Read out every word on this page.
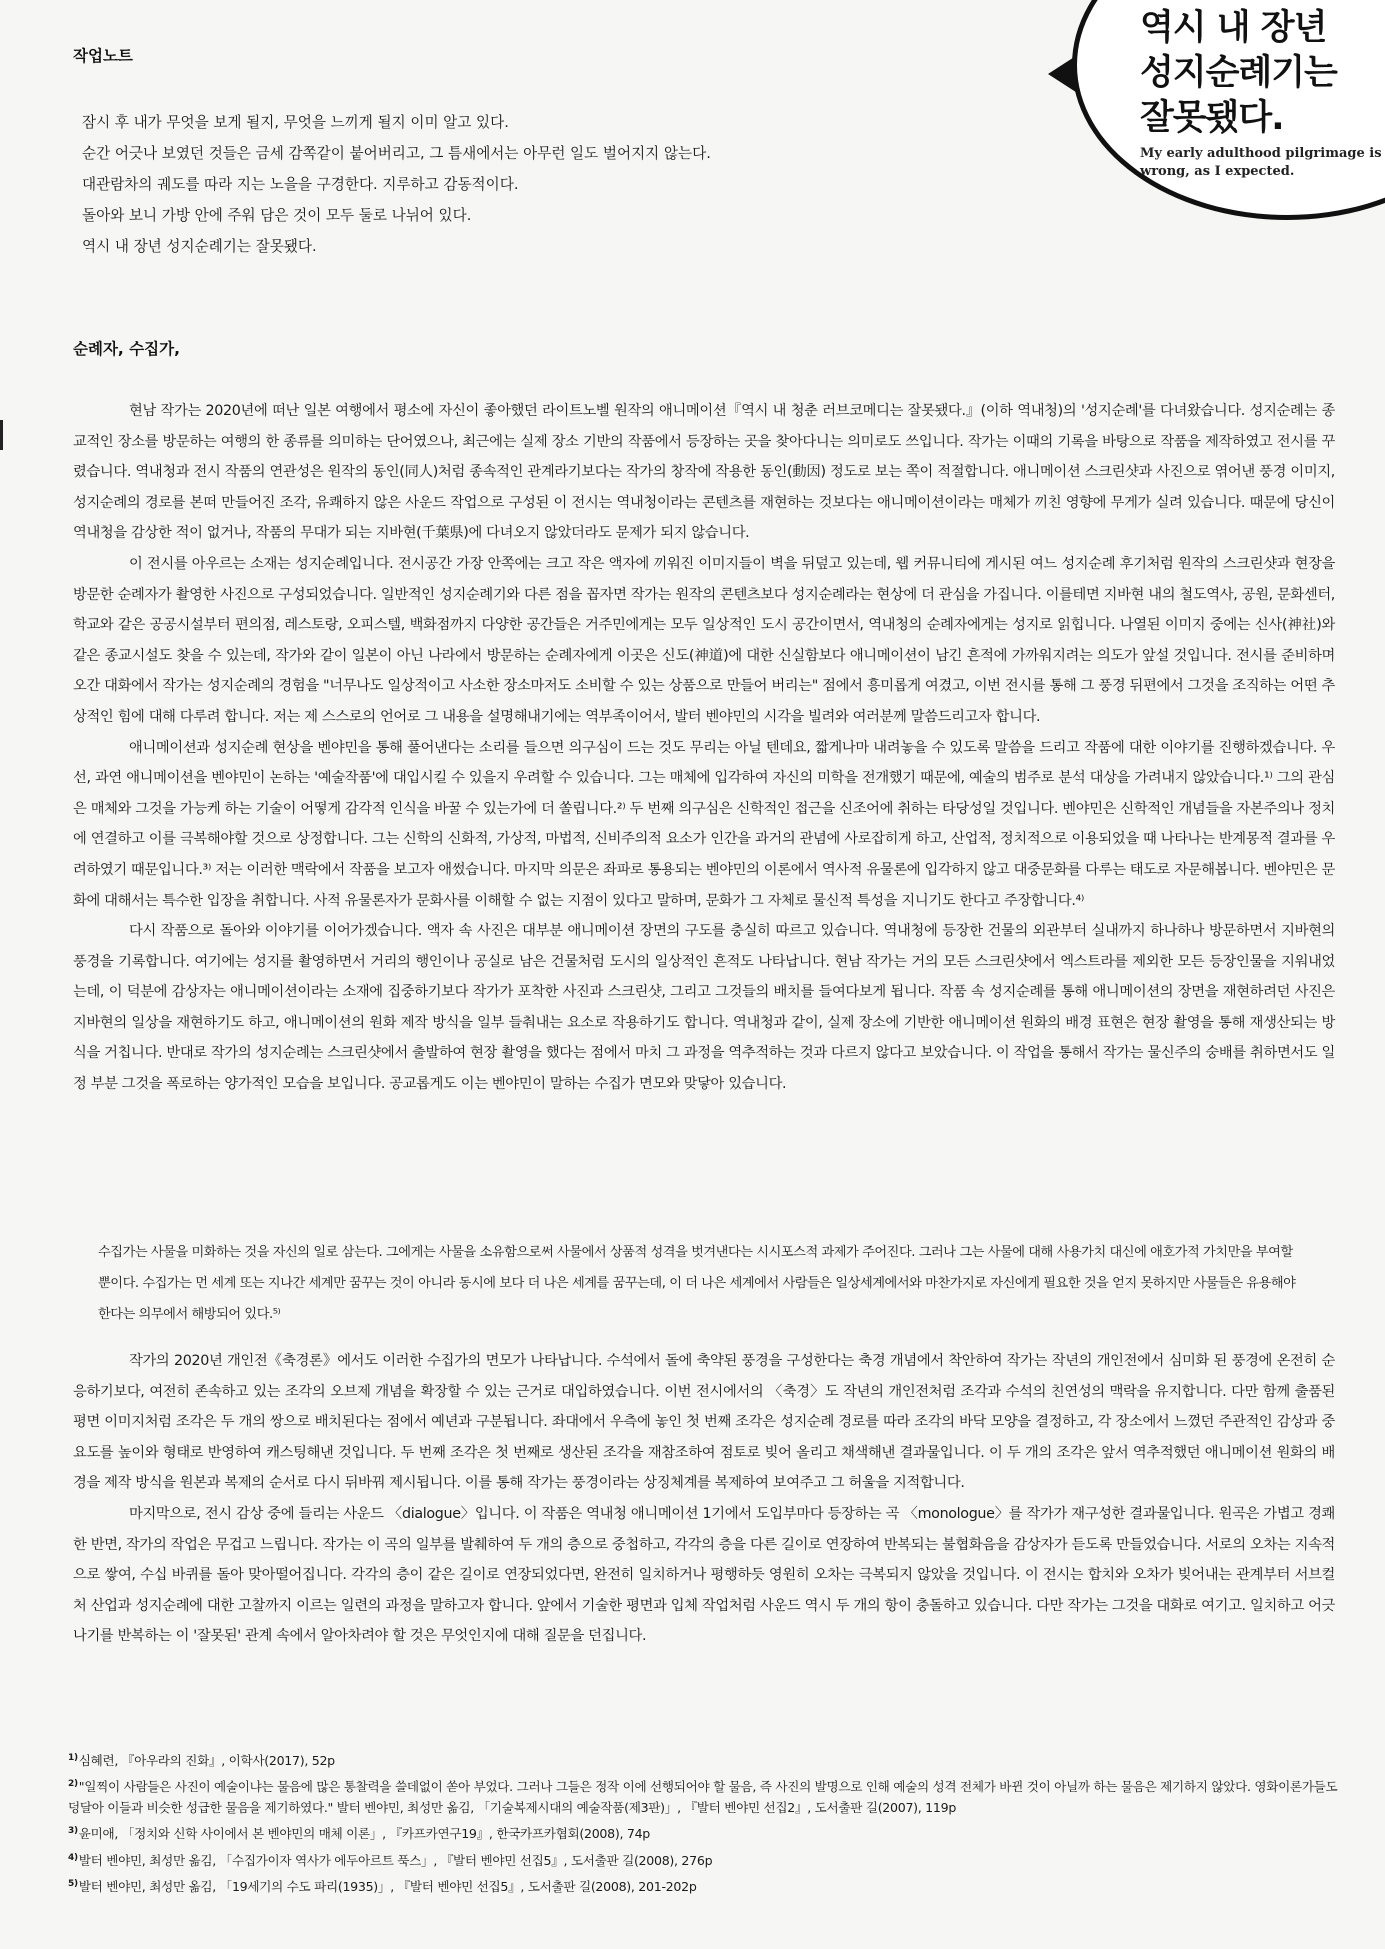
역시 내 장년
성지순례기는
잘못됐다.
My early adulthood pilgrimage is wrong, as I expected.
작업노트
잠시 후 내가 무엇을 보게 될지, 무엇을 느끼게 될지 이미 알고 있다.
순간 어긋나 보였던 것들은 금세 감쪽같이 붙어버리고, 그 틈새에서는 아무런 일도 벌어지지 않는다.
대관람차의 궤도를 따라 지는 노을을 구경한다. 지루하고 감동적이다.
돌아와 보니 가방 안에 주워 담은 것이 모두 둘로 나뉘어 있다.
역시 내 장년 성지순례기는 잘못됐다.
순례자, 수집가,

현남 작가는 2020년에 떠난 일본 여행에서 평소에 자신이 좋아했던 라이트노벨 원작의 애니메이션『역시 내 청춘 러브코메디는 잘못됐다.』(이하 역내청)의 '성지순례'를 다녀왔습니다. 성지순례는 종교적인 장소를 방문하는 여행의 한 종류를 의미하는 단어였으나, 최근에는 실제 장소 기반의 작품에서 등장하는 곳을 찾아다니는 의미로도 쓰입니다. 작가는 이때의 기록을 바탕으로 작품을 제작하였고 전시를 꾸렸습니다. 역내청과 전시 작품의 연관성은 원작의 동인(同人)처럼 종속적인 관계라기보다는 작가의 창작에 작용한 동인(動因) 정도로 보는 쪽이 적절합니다. 애니메이션 스크린샷과 사진으로 엮어낸 풍경 이미지, 성지순례의 경로를 본떠 만들어진 조각, 유쾌하지 않은 사운드 작업으로 구성된 이 전시는 역내청이라는 콘텐츠를 재현하는 것보다는 애니메이션이라는 매체가 끼친 영향에 무게가 실려 있습니다. 때문에 당신이 역내청을 감상한 적이 없거나, 작품의 무대가 되는 지바현(千葉県)에 다녀오지 않았더라도 문제가 되지 않습니다.

이 전시를 아우르는 소재는 성지순례입니다. 전시공간 가장 안쪽에는 크고 작은 액자에 끼워진 이미지들이 벽을 뒤덮고 있는데, 웹 커뮤니티에 게시된 여느 성지순례 후기처럼 원작의 스크린샷과 현장을 방문한 순례자가 촬영한 사진으로 구성되었습니다. 일반적인 성지순례기와 다른 점을 꼽자면 작가는 원작의 콘텐츠보다 성지순례라는 현상에 더 관심을 가집니다. 이를테면 지바현 내의 철도역사, 공원, 문화센터, 학교와 같은 공공시설부터 편의점, 레스토랑, 오피스텔, 백화점까지 다양한 공간들은 거주민에게는 모두 일상적인 도시 공간이면서, 역내청의 순례자에게는 성지로 읽힙니다. 나열된 이미지 중에는 신사(神社)와 같은 종교시설도 찾을 수 있는데, 작가와 같이 일본이 아닌 나라에서 방문하는 순례자에게 이곳은 신도(神道)에 대한 신실함보다 애니메이션이 남긴 흔적에 가까워지려는 의도가 앞설 것입니다. 전시를 준비하며 오간 대화에서 작가는 성지순례의 경험을 "너무나도 일상적이고 사소한 장소마저도 소비할 수 있는 상품으로 만들어 버리는" 점에서 흥미롭게 여겼고, 이번 전시를 통해 그 풍경 뒤편에서 그것을 조직하는 어떤 추상적인 힘에 대해 다루려 합니다. 저는 제 스스로의 언어로 그 내용을 설명해내기에는 역부족이어서, 발터 벤야민의 시각을 빌려와 여러분께 말씀드리고자 합니다.

애니메이션과 성지순례 현상을 벤야민을 통해 풀어낸다는 소리를 들으면 의구심이 드는 것도 무리는 아닐 텐데요, 짧게나마 내려놓을 수 있도록 말씀을 드리고 작품에 대한 이야기를 진행하겠습니다. 우선, 과연 애니메이션을 벤야민이 논하는 '예술작품'에 대입시킬 수 있을지 우려할 수 있습니다. 그는 매체에 입각하여 자신의 미학을 전개했기 때문에, 예술의 범주로 분석 대상을 가려내지 않았습니다.¹⁾ 그의 관심은 매체와 그것을 가능케 하는 기술이 어떻게 감각적 인식을 바꿀 수 있는가에 더 쏠립니다.²⁾ 두 번째 의구심은 신학적인 접근을 신조어에 취하는 타당성일 것입니다. 벤야민은 신학적인 개념들을 자본주의나 정치에 연결하고 이를 극복해야할 것으로 상정합니다. 그는 신학의 신화적, 가상적, 마법적, 신비주의적 요소가 인간을 과거의 관념에 사로잡히게 하고, 산업적, 정치적으로 이용되었을 때 나타나는 반계몽적 결과를 우려하였기 때문입니다.³⁾ 저는 이러한 맥락에서 작품을 보고자 애썼습니다. 마지막 의문은 좌파로 통용되는 벤야민의 이론에서 역사적 유물론에 입각하지 않고 대중문화를 다루는 태도로 자문해봅니다. 벤야민은 문화에 대해서는 특수한 입장을 취합니다. 사적 유물론자가 문화사를 이해할 수 없는 지점이 있다고 말하며, 문화가 그 자체로 물신적 특성을 지니기도 한다고 주장합니다.⁴⁾

다시 작품으로 돌아와 이야기를 이어가겠습니다. 액자 속 사진은 대부분 애니메이션 장면의 구도를 충실히 따르고 있습니다. 역내청에 등장한 건물의 외관부터 실내까지 하나하나 방문하면서 지바현의 풍경을 기록합니다. 여기에는 성지를 촬영하면서 거리의 행인이나 공실로 남은 건물처럼 도시의 일상적인 흔적도 나타납니다. 현남 작가는 거의 모든 스크린샷에서 엑스트라를 제외한 모든 등장인물을 지워내었는데, 이 덕분에 감상자는 애니메이션이라는 소재에 집중하기보다 작가가 포착한 사진과 스크린샷, 그리고 그것들의 배치를 들여다보게 됩니다. 작품 속 성지순례를 통해 애니메이션의 장면을 재현하려던 사진은 지바현의 일상을 재현하기도 하고, 애니메이션의 원화 제작 방식을 일부 들춰내는 요소로 작용하기도 합니다. 역내청과 같이, 실제 장소에 기반한 애니메이션 원화의 배경 표현은 현장 촬영을 통해 재생산되는 방식을 거칩니다. 반대로 작가의 성지순례는 스크린샷에서 출발하여 현장 촬영을 했다는 점에서 마치 그 과정을 역추적하는 것과 다르지 않다고 보았습니다. 이 작업을 통해서 작가는 물신주의 숭배를 취하면서도 일정 부분 그것을 폭로하는 양가적인 모습을 보입니다. 공교롭게도 이는 벤야민이 말하는 수집가 면모와 맞닿아 있습니다.

수집가는 사물을 미화하는 것을 자신의 일로 삼는다. 그에게는 사물을 소유함으로써 사물에서 상품적 성격을 벗겨낸다는 시시포스적 과제가 주어진다. 그러나 그는 사물에 대해 사용가치 대신에 애호가적 가치만을 부여할 뿐이다. 수집가는 먼 세계 또는 지나간 세계만 꿈꾸는 것이 아니라 동시에 보다 더 나은 세계를 꿈꾸는데, 이 더 나은 세계에서 사람들은 일상세계에서와 마찬가지로 자신에게 필요한 것을 얻지 못하지만 사물들은 유용해야 한다는 의무에서 해방되어 있다.⁵⁾

작가의 2020년 개인전《축경론》에서도 이러한 수집가의 면모가 나타납니다. 수석에서 돌에 축약된 풍경을 구성한다는 축경 개념에서 착안하여 작가는 작년의 개인전에서 심미화 된 풍경에 온전히 순응하기보다, 여전히 존속하고 있는 조각의 오브제 개념을 확장할 수 있는 근거로 대입하였습니다. 이번 전시에서의 〈축경〉도 작년의 개인전처럼 조각과 수석의 친연성의 맥락을 유지합니다. 다만 함께 출품된 평면 이미지처럼 조각은 두 개의 쌍으로 배치된다는 점에서 예년과 구분됩니다. 좌대에서 우측에 놓인 첫 번째 조각은 성지순례 경로를 따라 조각의 바닥 모양을 결정하고, 각 장소에서 느꼈던 주관적인 감상과 중요도를 높이와 형태로 반영하여 캐스팅해낸 것입니다. 두 번째 조각은 첫 번째로 생산된 조각을 재참조하여 점토로 빚어 올리고 채색해낸 결과물입니다. 이 두 개의 조각은 앞서 역추적했던 애니메이션 원화의 배경을 제작 방식을 원본과 복제의 순서로 다시 뒤바꿔 제시됩니다. 이를 통해 작가는 풍경이라는 상징체계를 복제하여 보여주고 그 허울을 지적합니다.

마지막으로, 전시 감상 중에 들리는 사운드 〈dialogue〉입니다. 이 작품은 역내청 애니메이션 1기에서 도입부마다 등장하는 곡 〈monologue〉를 작가가 재구성한 결과물입니다. 원곡은 가볍고 경쾌한 반면, 작가의 작업은 무겁고 느립니다. 작가는 이 곡의 일부를 발췌하여 두 개의 층으로 중첩하고, 각각의 층을 다른 길이로 연장하여 반복되는 불협화음을 감상자가 듣도록 만들었습니다. 서로의 오차는 지속적으로 쌓여, 수십 바퀴를 돌아 맞아떨어집니다. 각각의 층이 같은 길이로 연장되었다면, 완전히 일치하거나 평행하듯 영원히 오차는 극복되지 않았을 것입니다. 이 전시는 합치와 오차가 빚어내는 관계부터 서브컬처 산업과 성지순례에 대한 고찰까지 이르는 일련의 과정을 말하고자 합니다. 앞에서 기술한 평면과 입체 작업처럼 사운드 역시 두 개의 항이 충돌하고 있습니다. 다만 작가는 그것을 대화로 여기고. 일치하고 어긋나기를 반복하는 이 '잘못된' 관계 속에서 알아차려야 할 것은 무엇인지에 대해 질문을 던집니다.

$^{1)}$심혜련, 『아우라의 진화』, 이학사(2017), 52p

$^{2)}$"일찍이 사람들은 사진이 예술이냐는 물음에 많은 통찰력을 쓸데없이 쏟아 부었다. 그러나 그들은 정작 이에 선행되어야 할 물음, 즉 사진의 발명으로 인해 예술의 성격 전체가 바뀐 것이 아닐까 하는 물음은 제기하지 않았다. 영화이론가들도 덩달아 이들과 비슷한 성급한 물음을 제기하였다." 발터 벤야민, 최성만 옮김, 「기술복제시대의 예술작품(제3판)」, 『발터 벤야민 선집2』, 도서출판 길(2007), 119p

$^{3)}$윤미애, 「정치와 신학 사이에서 본 벤야민의 매체 이론」, 『카프카연구19』, 한국카프카협회(2008), 74p

$^{4)}$발터 벤야민, 최성만 옮김, 「수집가이자 역사가 에두아르트 푹스」, 『발터 벤야민 선집5』, 도서출판 길(2008), 276p

$^{5)}$발터 벤야민, 최성만 옮김, 「19세기의 수도 파리(1935)」, 『발터 벤야민 선집5』, 도서출판 길(2008), 201-202p
